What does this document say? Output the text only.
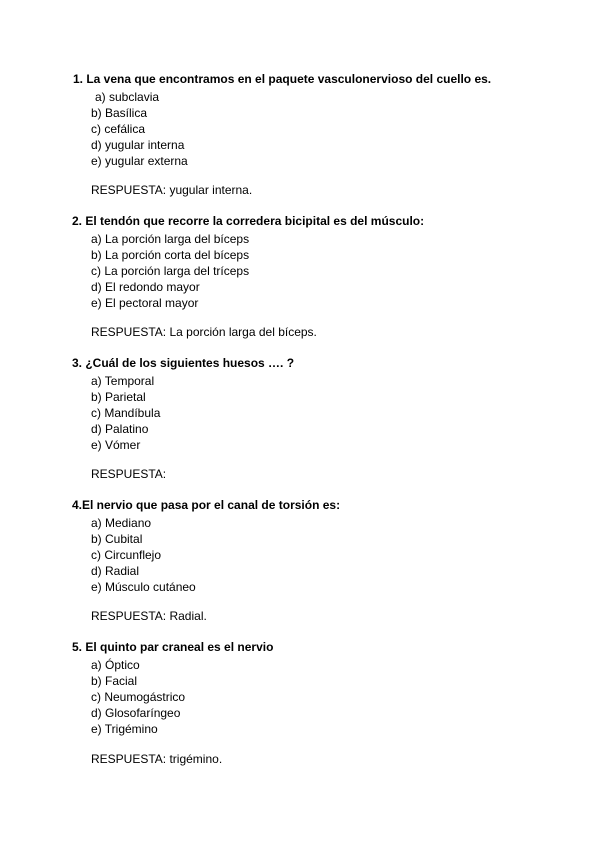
1. La vena que encontramos en el paquete vasculonervioso del cuello es.
a) subclavia
b) Basílica
c) cefálica
d) yugular interna
e) yugular externa
RESPUESTA: yugular interna.
2. El tendón que recorre la corredera bicipital es del músculo:
a) La porción larga del bíceps
b) La porción corta del bíceps
c) La porción larga del tríceps
d) El redondo mayor
e) El pectoral mayor
RESPUESTA: La porción larga del bíceps.
3. ¿Cuál de los siguientes huesos …. ?
a) Temporal
b) Parietal
c) Mandíbula
d) Palatino
e) Vómer
RESPUESTA:
4.El nervio que pasa por el canal de torsión es:
a) Mediano
b) Cubital
c) Circunflejo
d) Radial
e) Músculo cutáneo
RESPUESTA: Radial.
5. El quinto par craneal es el nervio
a) Óptico
b) Facial
c) Neumogástrico
d) Glosofaríngeo
e) Trigémino
RESPUESTA: trigémino.
